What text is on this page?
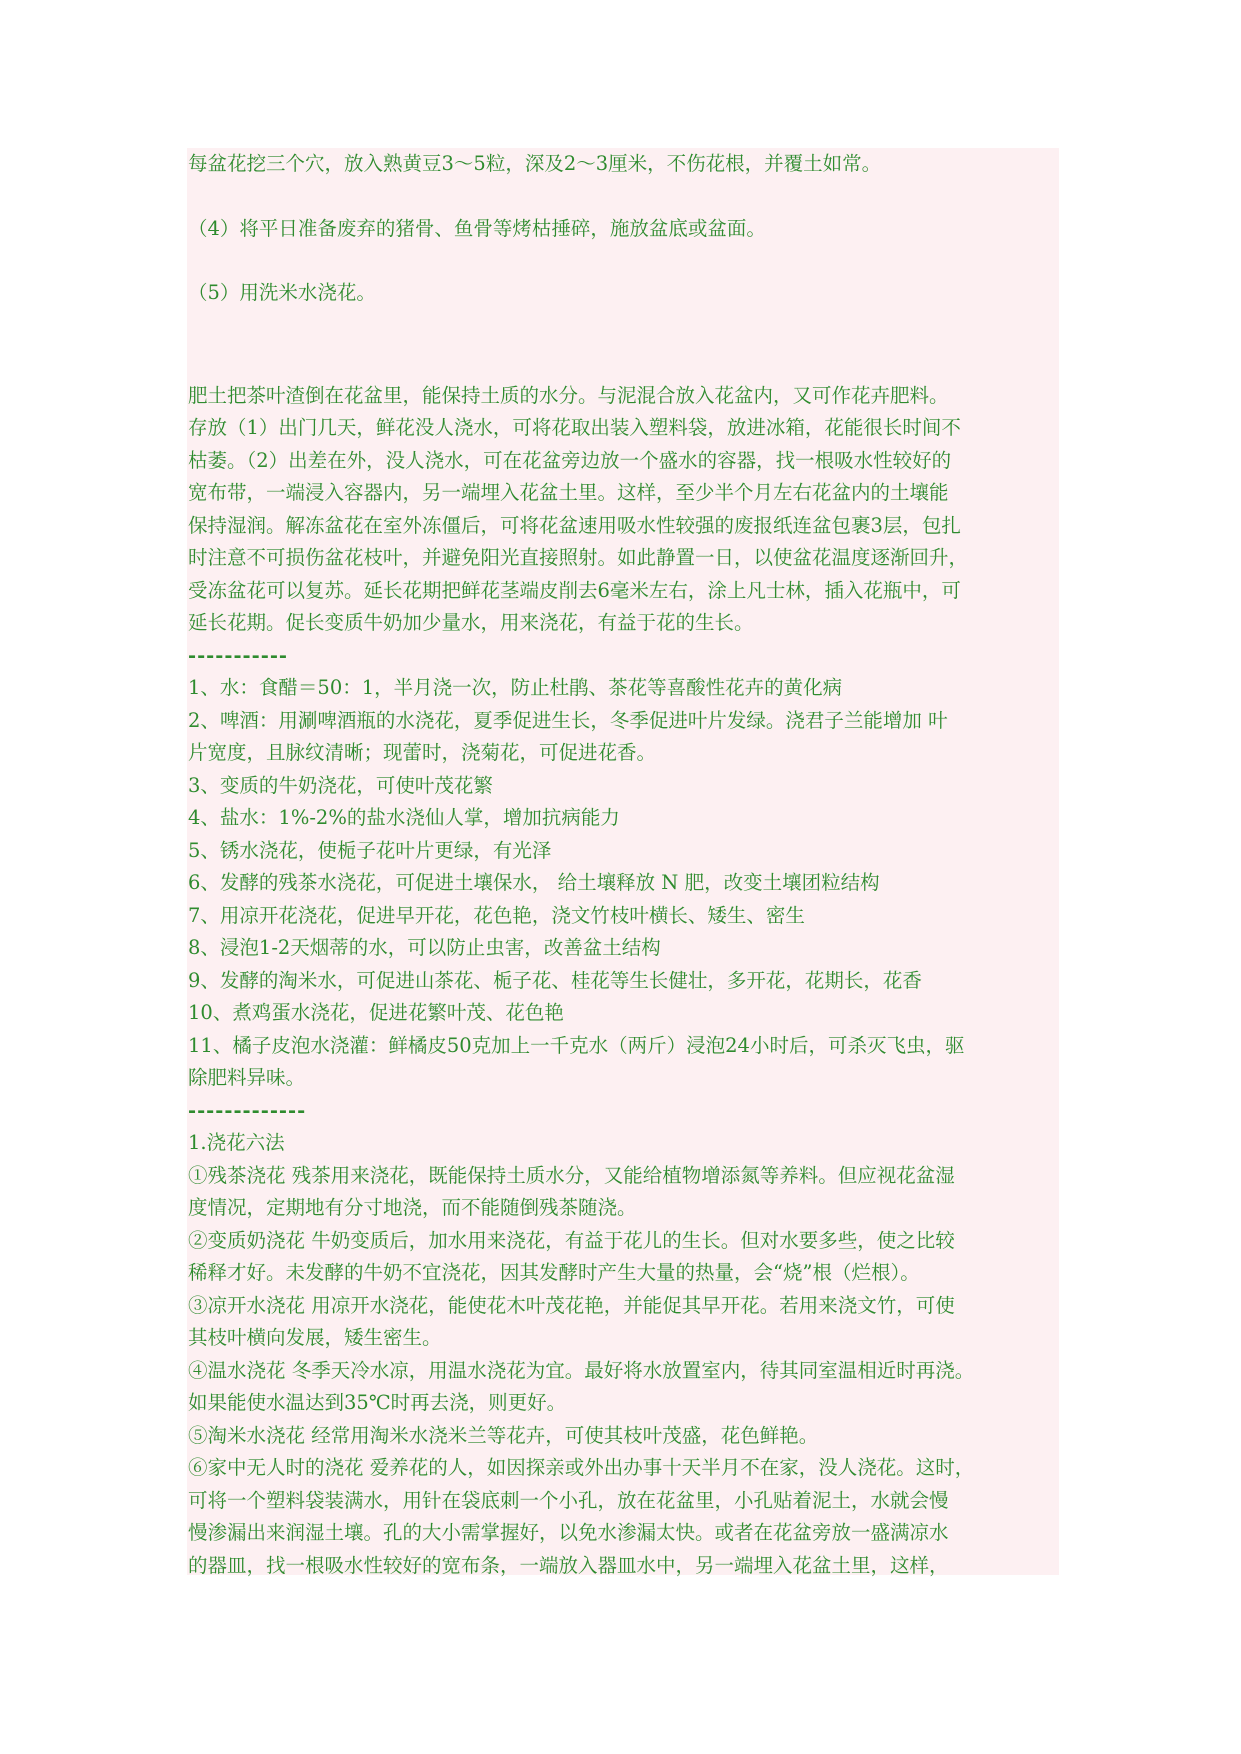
每盆花挖三个穴，放入熟黄豆3～5粒，深及2～3厘米，不伤花根，并覆土如常。
（4）将平日准备废弃的猪骨、鱼骨等烤枯捶碎，施放盆底或盆面。
（5）用洗米水浇花。
肥土把茶叶渣倒在花盆里，能保持土质的水分。与泥混合放入花盆内，又可作花卉肥料。
存放（1）出门几天，鲜花没人浇水，可将花取出装入塑料袋，放进冰箱，花能很长时间不
枯萎。（2）出差在外，没人浇水，可在花盆旁边放一个盛水的容器，找一根吸水性较好的
宽布带，一端浸入容器内，另一端埋入花盆土里。这样，至少半个月左右花盆内的土壤能
保持湿润。解冻盆花在室外冻僵后，可将花盆速用吸水性较强的废报纸连盆包裹3层，包扎
时注意不可损伤盆花枝叶，并避免阳光直接照射。如此静置一日，以使盆花温度逐渐回升，
受冻盆花可以复苏。延长花期把鲜花茎端皮削去6毫米左右，涂上凡士林，插入花瓶中，可
延长花期。促长变质牛奶加少量水，用来浇花，有益于花的生长。
-----------
1、水：食醋＝50：1，半月浇一次，防止杜鹃、茶花等喜酸性花卉的黄化病
2、啤酒：用涮啤酒瓶的水浇花，夏季促进生长，冬季促进叶片发绿。浇君子兰能增加 叶
片宽度，且脉纹清晰；现蕾时，浇菊花，可促进花香。
3、变质的牛奶浇花，可使叶茂花繁
4、盐水：1%-2%的盐水浇仙人掌，增加抗病能力
5、锈水浇花，使栀子花叶片更绿，有光泽
6、发酵的残茶水浇花，可促进土壤保水， 给土壤释放 N 肥，改变土壤团粒结构
7、用凉开花浇花，促进早开花，花色艳，浇文竹枝叶横长、矮生、密生
8、浸泡1-2天烟蒂的水，可以防止虫害，改善盆土结构
9、发酵的淘米水，可促进山茶花、栀子花、桂花等生长健壮，多开花，花期长，花香
10、煮鸡蛋水浇花，促进花繁叶茂、花色艳
11、橘子皮泡水浇灌：鲜橘皮50克加上一千克水（两斤）浸泡24小时后，可杀灭飞虫，驱
除肥料异味。
-------------
1.浇花六法
①残茶浇花 残茶用来浇花，既能保持土质水分，又能给植物增添氮等养料。但应视花盆湿
度情况，定期地有分寸地浇，而不能随倒残茶随浇。
②变质奶浇花 牛奶变质后，加水用来浇花，有益于花儿的生长。但对水要多些，使之比较
稀释才好。未发酵的牛奶不宜浇花，因其发酵时产生大量的热量，会“烧”根（烂根）。
③凉开水浇花 用凉开水浇花，能使花木叶茂花艳，并能促其早开花。若用来浇文竹，可使
其枝叶横向发展，矮生密生。
④温水浇花 冬季天冷水凉，用温水浇花为宜。最好将水放置室内，待其同室温相近时再浇。
如果能使水温达到35℃时再去浇，则更好。
⑤淘米水浇花 经常用淘米水浇米兰等花卉，可使其枝叶茂盛，花色鲜艳。
⑥家中无人时的浇花 爱养花的人，如因探亲或外出办事十天半月不在家，没人浇花。这时，
可将一个塑料袋装满水，用针在袋底刺一个小孔，放在花盆里，小孔贴着泥土，水就会慢
慢渗漏出来润湿土壤。孔的大小需掌握好，以免水渗漏太快。或者在花盆旁放一盛满凉水
的器皿，找一根吸水性较好的宽布条，一端放入器皿水中，另一端埋入花盆土里，这样，
